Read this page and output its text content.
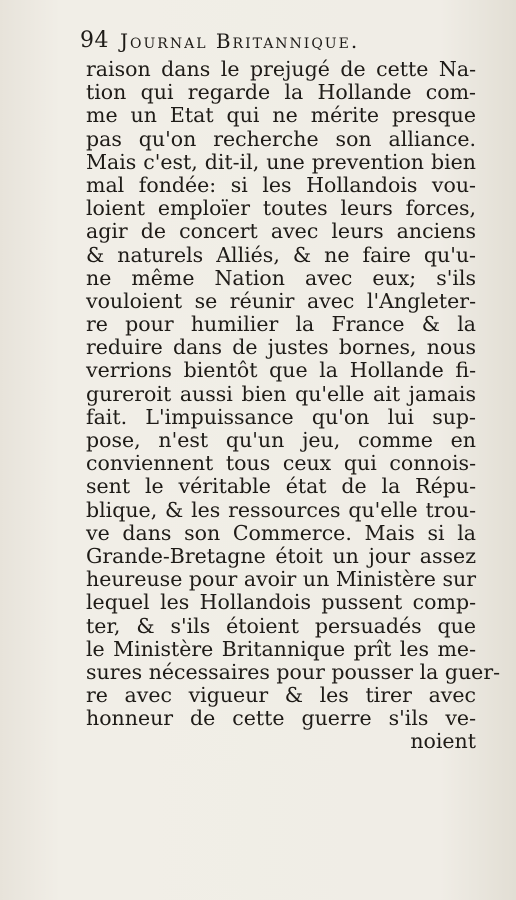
94 Journal Britannique.
raison dans le prejugé de cette Na-
tion qui regarde la Hollande com-
me un Etat qui ne mérite presque
pas qu'on recherche son alliance.
Mais c'est, dit-il, une prevention bien
mal fondée: si les Hollandois vou-
loient emploïer toutes leurs forces,
agir de concert avec leurs anciens
& naturels Alliés, & ne faire qu'u-
ne même Nation avec eux; s'ils
vouloient se réunir avec l'Angleter-
re pour humilier la France & la
reduire dans de justes bornes, nous
verrions bientôt que la Hollande fi-
gureroit aussi bien qu'elle ait jamais
fait. L'impuissance qu'on lui sup-
pose, n'est qu'un jeu, comme en
conviennent tous ceux qui connois-
sent le véritable état de la Répu-
blique, & les ressources qu'elle trou-
ve dans son Commerce. Mais si la
Grande-Bretagne étoit un jour assez
heureuse pour avoir un Ministère sur
lequel les Hollandois pussent comp-
ter, & s'ils étoient persuadés que
le Ministère Britannique prît les me-
sures nécessaires pour pousser la guer-
re avec vigueur & les tirer avec
honneur de cette guerre s'ils ve-
noient
